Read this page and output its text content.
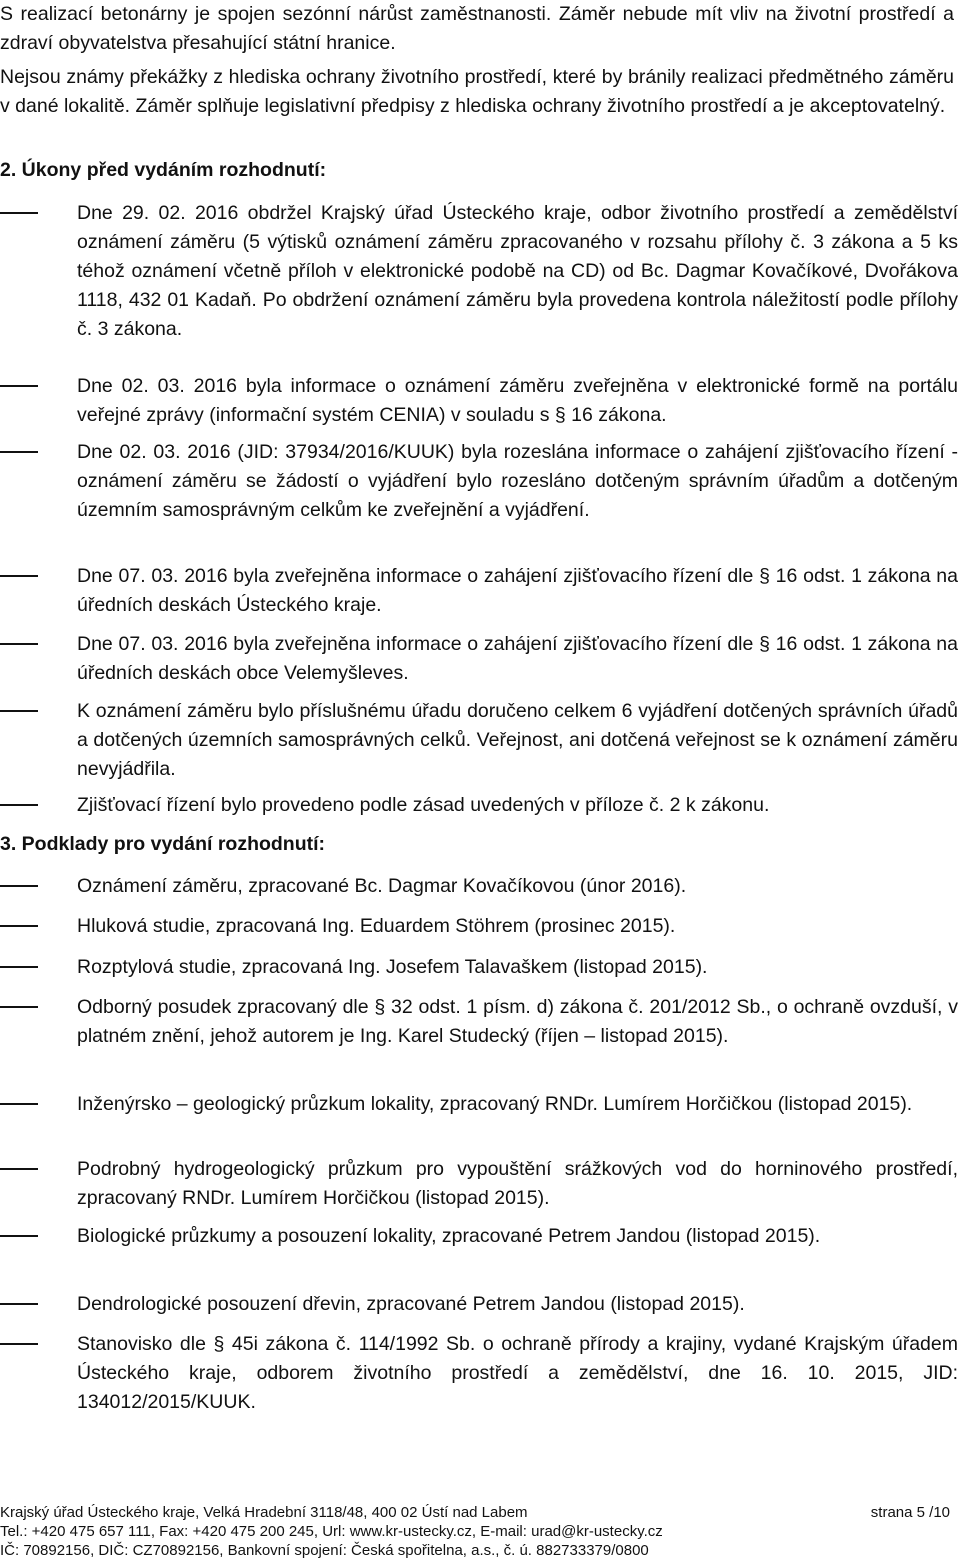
S realizací betonárny je spojen sezónní nárůst zaměstnanosti. Záměr nebude mít vliv na životní prostředí a zdraví obyvatelstva přesahující státní hranice.

Nejsou známy překážky z hlediska ochrany životního prostředí, které by bránily realizaci předmětného záměru v dané lokalitě. Záměr splňuje legislativní předpisy z hlediska ochrany životního prostředí a je akceptovatelný.

2. Úkony před vydáním rozhodnutí:

Dne 29. 02. 2016 obdržel Krajský úřad Ústeckého kraje, odbor životního prostředí a zemědělství oznámení záměru (5 výtisků oznámení záměru zpracovaného v rozsahu přílohy č. 3 zákona a 5 ks téhož oznámení včetně příloh v elektronické podobě na CD) od Bc. Dagmar Kovačíkové, Dvořákova 1118, 432 01 Kadaň. Po obdržení oznámení záměru byla provedena kontrola náležitostí podle přílohy č. 3 zákona.

Dne 02. 03. 2016 byla informace o oznámení záměru zveřejněna v elektronické formě na portálu veřejné zprávy (informační systém CENIA) v souladu s § 16 zákona.

Dne 02. 03. 2016 (JID: 37934/2016/KUUK) byla rozeslána informace o zahájení zjišťovacího řízení - oznámení záměru se žádostí o vyjádření bylo rozesláno dotčeným správním úřadům a dotčeným územním samosprávným celkům ke zveřejnění a vyjádření.

Dne 07. 03. 2016 byla zveřejněna informace o zahájení zjišťovacího řízení dle § 16 odst. 1 zákona na úředních deskách Ústeckého kraje.

Dne 07. 03. 2016 byla zveřejněna informace o zahájení zjišťovacího řízení dle § 16 odst. 1 zákona na úředních deskách obce Velemyšleves.

K oznámení záměru bylo příslušnému úřadu doručeno celkem 6 vyjádření dotčených správních úřadů a dotčených územních samosprávných celků. Veřejnost, ani dotčená veřejnost se k oznámení záměru nevyjádřila.

Zjišťovací řízení bylo provedeno podle zásad uvedených v příloze č. 2 k zákonu.

3. Podklady pro vydání rozhodnutí:

Oznámení záměru, zpracované Bc. Dagmar Kovačíkovou (únor 2016).

Hluková studie, zpracovaná Ing. Eduardem Stöhrem (prosinec 2015).

Rozptylová studie, zpracovaná Ing. Josefem Talavaškem (listopad 2015).

Odborný posudek zpracovaný dle § 32 odst. 1 písm. d) zákona č. 201/2012 Sb., o ochraně ovzduší, v platném znění, jehož autorem je Ing. Karel Studecký (říjen – listopad 2015).

Inženýrsko – geologický průzkum lokality, zpracovaný RNDr. Lumírem Horčičkou (listopad 2015).

Podrobný hydrogeologický průzkum pro vypouštění srážkových vod do horninového prostředí, zpracovaný RNDr. Lumírem Horčičkou (listopad 2015).

Biologické průzkumy a posouzení lokality, zpracované Petrem Jandou (listopad 2015).

Dendrologické posouzení dřevin, zpracované Petrem Jandou (listopad 2015).

Stanovisko dle § 45i zákona č. 114/1992 Sb. o ochraně přírody a krajiny, vydané Krajským úřadem Ústeckého kraje, odborem životního prostředí a zemědělství, dne 16. 10. 2015, JID: 134012/2015/KUUK.

Krajský úřad Ústeckého kraje, Velká Hradební 3118/48, 400 02 Ústí nad Labem	strana 5 /10
Tel.: +420 475 657 111, Fax: +420 475 200 245, Url: www.kr-ustecky.cz, E-mail: urad@kr-ustecky.cz
IČ: 70892156, DIČ: CZ70892156, Bankovní spojení: Česká spořitelna, a.s., č. ú. 882733379/0800
